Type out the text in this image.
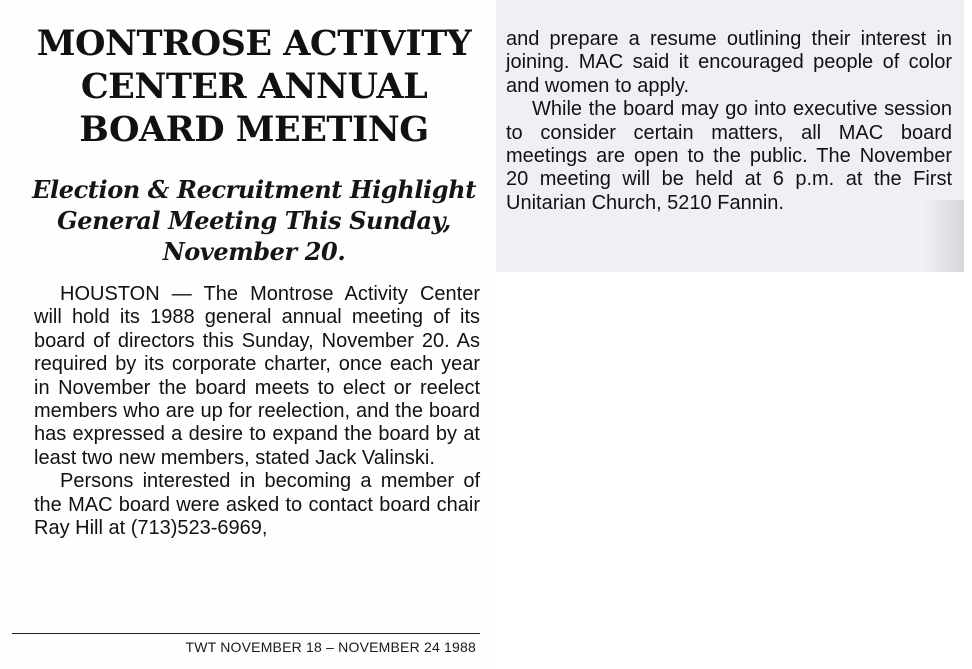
MONTROSE ACTIVITY CENTER ANNUAL BOARD MEETING
Election & Recruitment Highlight General Meeting This Sunday, November 20.

HOUSTON — The Montrose Activity Center will hold its 1988 general annual meeting of its board of directors this Sunday, November 20. As required by its corporate charter, once each year in November the board meets to elect or reelect members who are up for reelection, and the board has expressed a desire to expand the board by at least two new members, stated Jack Valinski.

Persons interested in becoming a member of the MAC board were asked to contact board chair Ray Hill at (713)523-6969,

TWT NOVEMBER 18 – NOVEMBER 24 1988

and prepare a resume outlining their interest in joining. MAC said it encouraged people of color and women to apply.

While the board may go into executive session to consider certain matters, all MAC board meetings are open to the public. The November 20 meeting will be held at 6 p.m. at the First Unitarian Church, 5210 Fannin.
